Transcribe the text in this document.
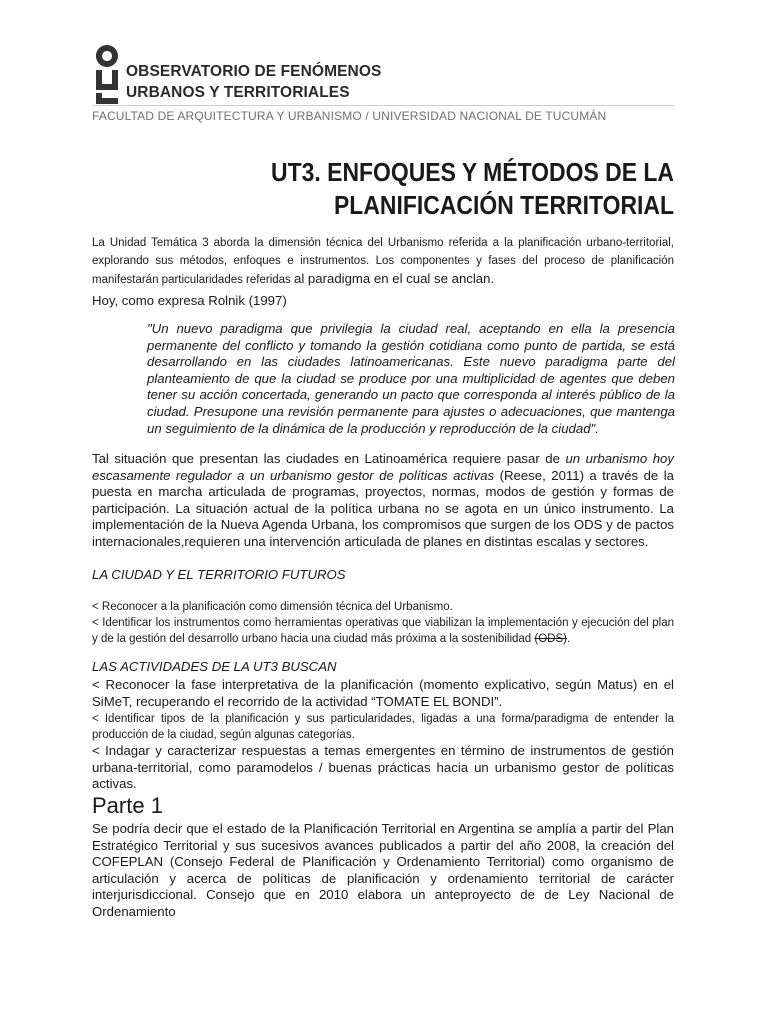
OBSERVATORIO DE FENÓMENOS
URBANOS Y TERRITORIALES
FACULTAD DE ARQUITECTURA Y URBANISMO / UNIVERSIDAD NACIONAL DE TUCUMÁN
UT3. ENFOQUES Y MÉTODOS DE LA
PLANIFICACIÓN TERRITORIAL
La Unidad Temática 3 aborda la dimensión técnica del Urbanismo referida a la planificación urbano-territorial, explorando sus métodos, enfoques e instrumentos. Los componentes y fases del proceso de planificación manifestarán particularidades referidas al paradigma en el cual se anclan.
Hoy, como expresa Rolnik (1997)
"Un nuevo paradigma que privilegia la ciudad real, aceptando en ella la presencia permanente del conflicto y tomando la gestión cotidiana como punto de partida, se está desarrollando en las ciudades latinoamericanas. Este nuevo paradigma parte del planteamiento de que la ciudad se produce por una multiplicidad de agentes que deben tener su acción concertada, generando un pacto que corresponda al interés público de la ciudad. Presupone una revisión permanente para ajustes o adecuaciones, que mantenga un seguimiento de la dinámica de la producción y reproducción de la ciudad".
Tal situación que presentan las ciudades en Latinoamérica requiere pasar de un urbanismo hoy escasamente regulador a un urbanismo gestor de políticas activas (Reese, 2011) a través de la puesta en marcha articulada de programas, proyectos, normas, modos de gestión y formas de participación. La situación actual de la política urbana no se agota en un único instrumento. La implementación de la Nueva Agenda Urbana, los compromisos que surgen de los ODS y de pactos internacionales,requieren una intervención articulada de planes en distintas escalas y sectores.
LA CIUDAD Y EL TERRITORIO FUTUROS
< Reconocer a la planificación como dimensión técnica del Urbanismo.
< Identificar los instrumentos como herramientas operativas que viabilizan la implementación y ejecución del plan y de la gestión del desarrollo urbano hacia una ciudad más próxima a la sostenibilidad (ODS).
LAS ACTIVIDADES DE LA UT3 BUSCAN
< Reconocer la fase interpretativa de la planificación (momento explicativo, según Matus) en el SiMeT, recuperando el recorrido de la actividad “TOMATE EL BONDI”.
< Identificar tipos de la planificación y sus particularidades, ligadas a una forma/paradigma de entender la producción de la ciudad, según algunas categorías.
< Indagar y caracterizar respuestas a temas emergentes en término de instrumentos de gestión urbana-territorial, como paramodelos / buenas prácticas hacia un urbanismo gestor de políticas activas.
Parte 1
Se podría decir que el estado de la Planificación Territorial en Argentina se amplía a partir del Plan Estratégico Territorial y sus sucesivos avances publicados a partir del año 2008, la creación del COFEPLAN (Consejo Federal de Planificación y Ordenamiento Territorial) como organismo de articulación y acerca de políticas de planificación y ordenamiento territorial de carácter interjurisdiccional. Consejo que en 2010 elabora un anteproyecto de de Ley Nacional de Ordenamiento
